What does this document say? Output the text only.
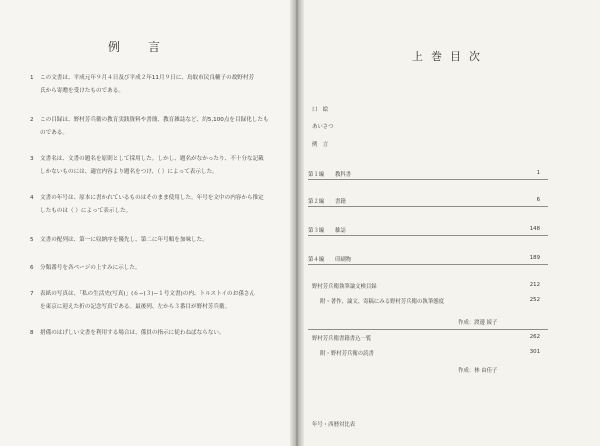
例言
1 この文書は、平成元年９月４日及び平成２年11月９日に、鳥取市民良輔子の故野村芳

氏から寄贈を受けたものである。

2 この目録は、野村芳兵衛の教育実践資料や書簡、教育雑誌など、約5,100点を目録化したも

のである。

3 文書名は、文書の題名を原則として採用した。しかし、題名がなかったり、不十分な記載

しかないものには、適宜内容より題名をつけ、（ ）によって表示した。

4 文書の年号は、原本に書かれているものはそのまま使用した。年号を文中の内容から推定

したものは（ ）によって表示した。

5 文書の配列は、第一に収納序を優先し、第二に年号順を加味した。

6 分類番号を各ページの上すみに示した。

7 表紙の写真は、「私の生活史(写真)」(６−(３)−１号文書)の内、トルストイのお孫さん

を東京に迎えた折の記念写真である。最後列、左から３番目が野村芳兵衛。

8 措備のはげしい文書を利用する場合は、係員の指示に従わねばならない。

上巻目次
口　絵
あいさつ
例　言
第１編　　教科書	1
第２編　　書籍	6
第３編　　雑誌	148
第４編　　印刷物	189
野村芳兵衛執筆論文検目録	212
附・著作、論文、寄稿にみる野村芳兵衛の執筆態度	252
作成：渡邊 綾子
野村芳兵衛書籍書込一覧	262
附・野村芳兵衛の読書	301
作成：林 由佳子
年号・西暦対比表
